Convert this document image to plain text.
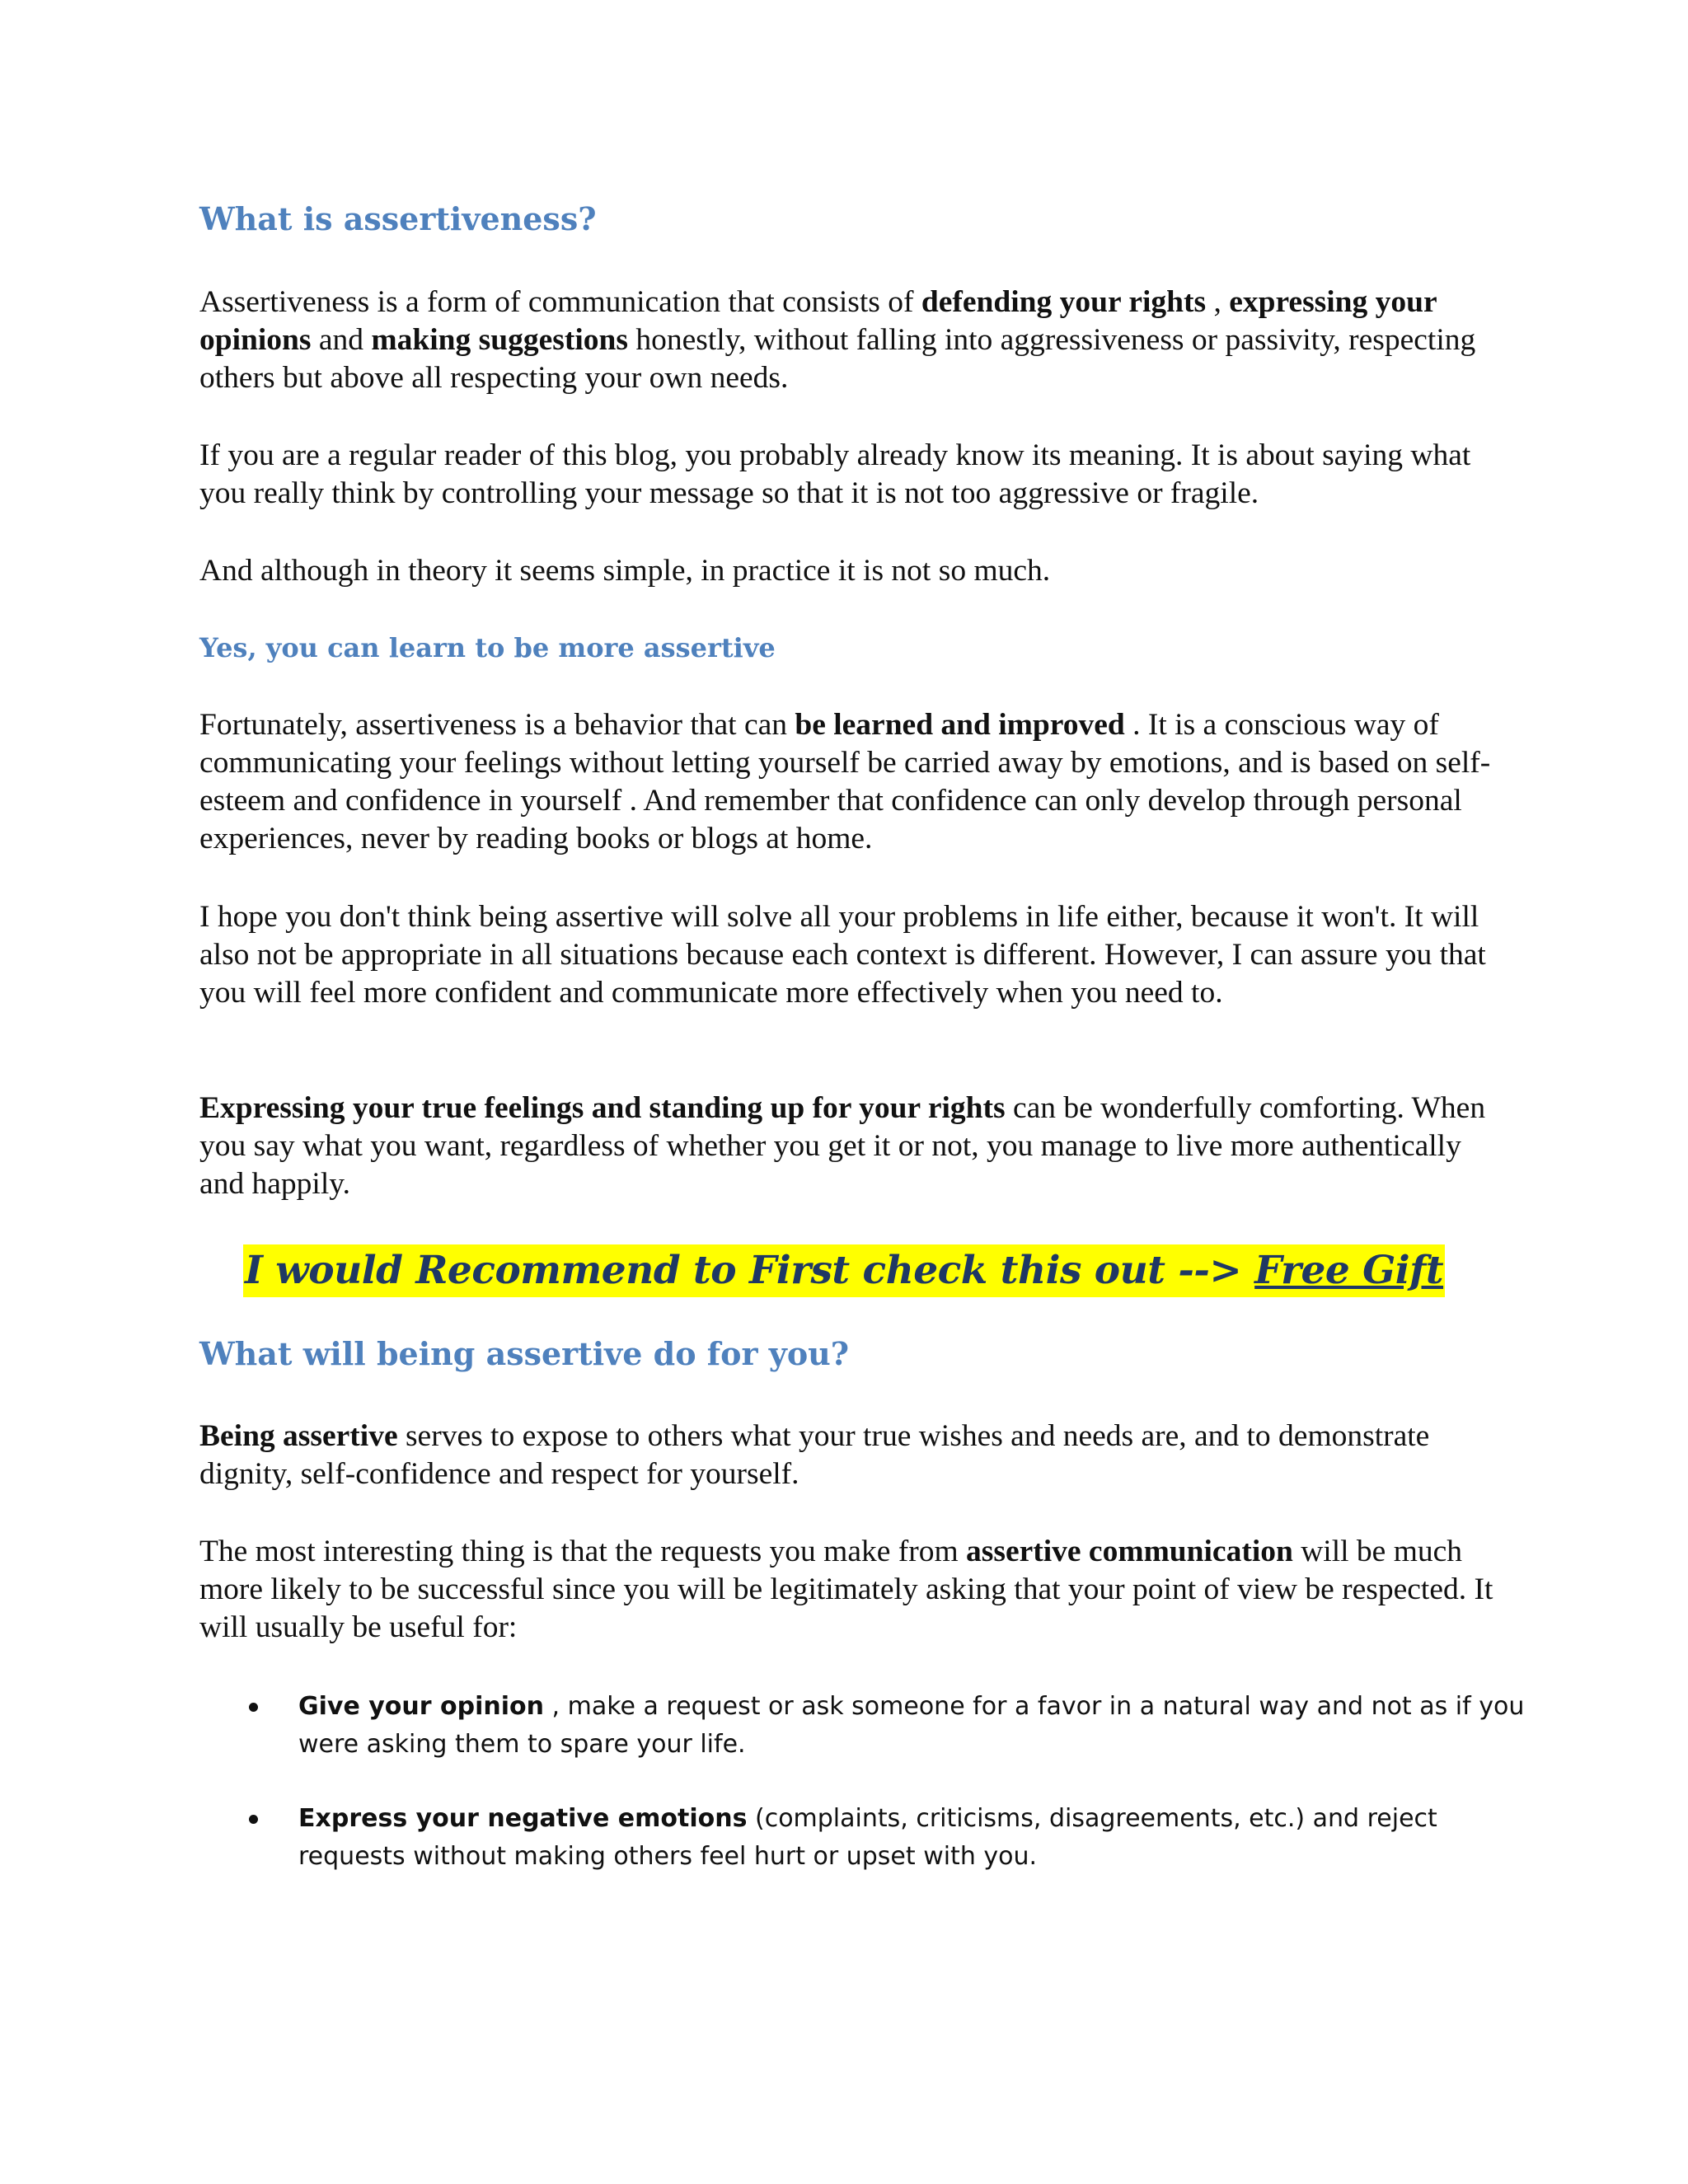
What is assertiveness?

Assertiveness is a form of communication that consists of defending your rights , expressing your opinions and making suggestions honestly, without falling into aggressiveness or passivity, respecting others but above all respecting your own needs.

If you are a regular reader of this blog, you probably already know its meaning. It is about saying what you really think by controlling your message so that it is not too aggressive or fragile.

And although in theory it seems simple, in practice it is not so much.

Yes, you can learn to be more assertive

Fortunately, assertiveness is a behavior that can be learned and improved . It is a conscious way of communicating your feelings without letting yourself be carried away by emotions, and is based on self-esteem and confidence in yourself . And remember that confidence can only develop through personal experiences, never by reading books or blogs at home.

I hope you don't think being assertive will solve all your problems in life either, because it won't. It will also not be appropriate in all situations because each context is different. However, I can assure you that you will feel more confident and communicate more effectively when you need to.

Expressing your true feelings and standing up for your rights can be wonderfully comforting. When you say what you want, regardless of whether you get it or not, you manage to live more authentically and happily.

I would Recommend to First check this out --> Free Gift
What will being assertive do for you?

Being assertive serves to expose to others what your true wishes and needs are, and to demonstrate dignity, self-confidence and respect for yourself.

The most interesting thing is that the requests you make from assertive communication will be much more likely to be successful since you will be legitimately asking that your point of view be respected. It will usually be useful for:

Give your opinion , make a request or ask someone for a favor in a natural way and not as if you were asking them to spare your life.
Express your negative emotions (complaints, criticisms, disagreements, etc.) and reject requests without making others feel hurt or upset with you.
